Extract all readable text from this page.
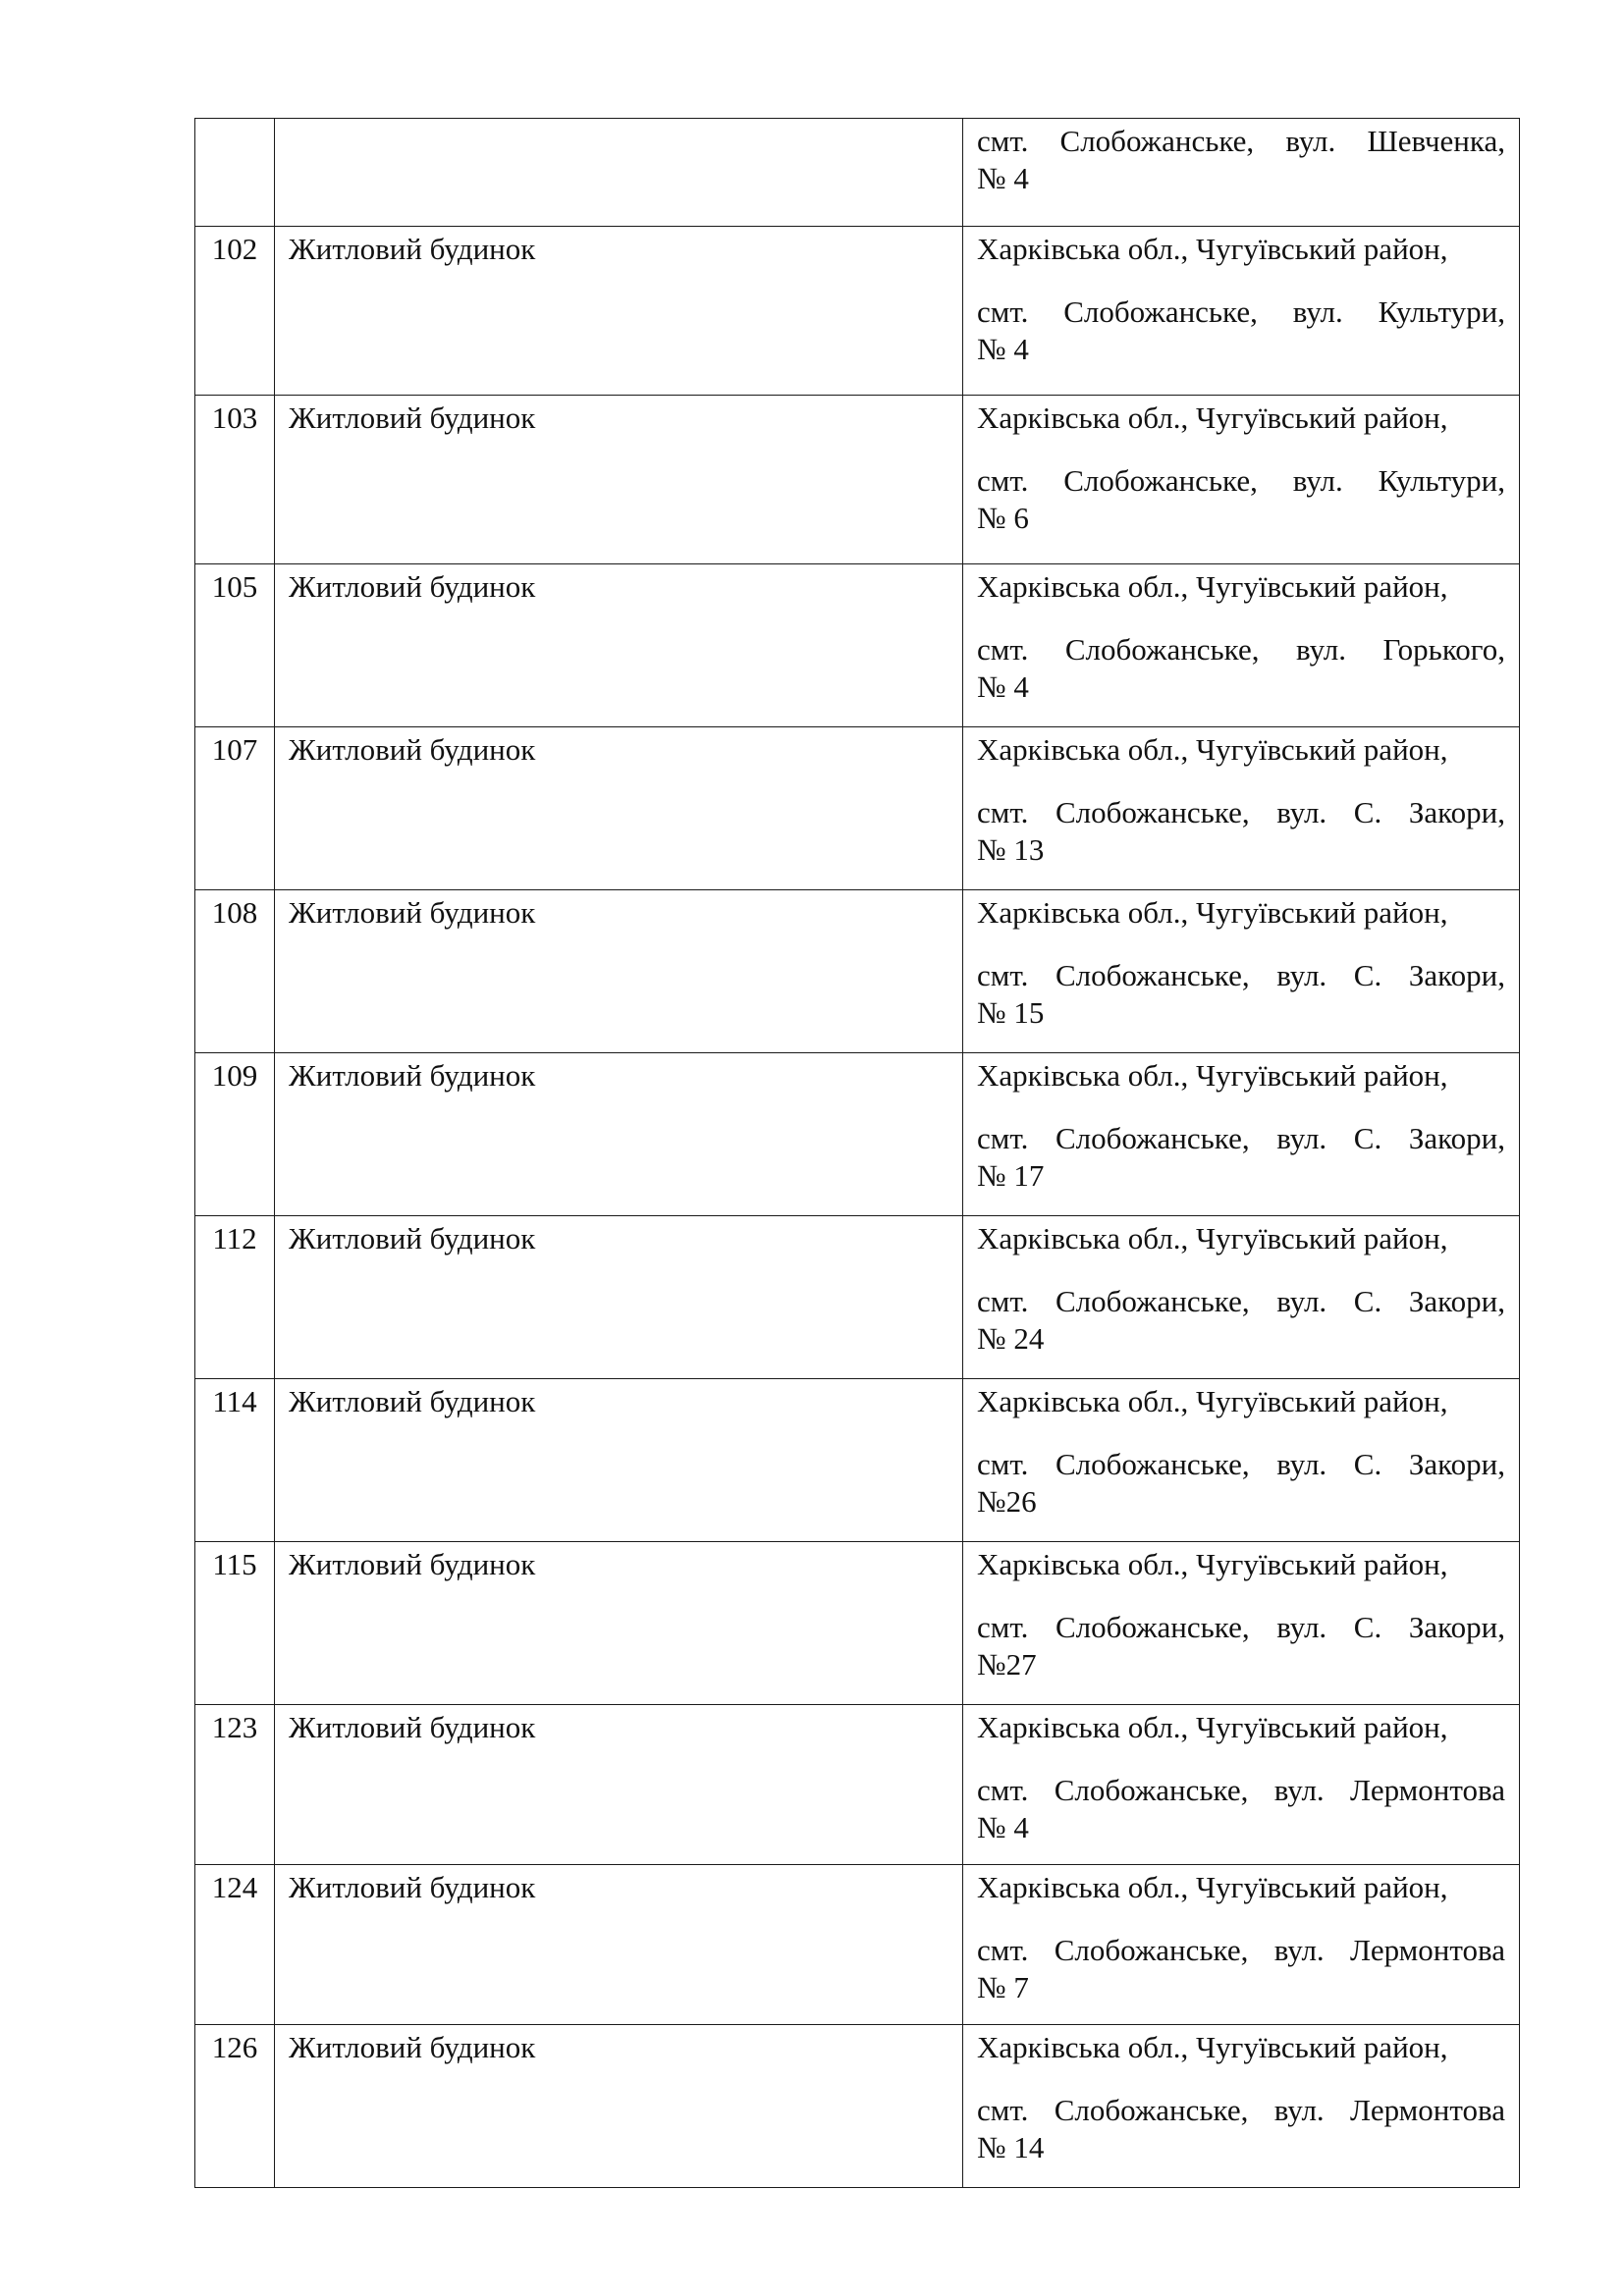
		смт. Слобожанське, вул. Шевченка,

№ 4

102	Житловий будинок	Харківська обл., Чугуївський район,

смт. Слобожанське, вул. Культури,

№ 4

103	Житловий будинок	Харківська обл., Чугуївський район,

смт. Слобожанське, вул. Культури,

№ 6

105	Житловий будинок	Харківська обл., Чугуївський район,

смт. Слобожанське, вул. Горького,

№ 4

107	Житловий будинок	Харківська обл., Чугуївський район,

смт. Слобожанське, вул. С. Закори,

№ 13

108	Житловий будинок	Харківська обл., Чугуївський район,

смт. Слобожанське, вул. С. Закори,

№ 15

109	Житловий будинок	Харківська обл., Чугуївський район,

смт. Слобожанське, вул. С. Закори,

№ 17

112	Житловий будинок	Харківська обл., Чугуївський район,

смт. Слобожанське, вул. С. Закори,

№ 24

114	Житловий будинок	Харківська обл., Чугуївський район,

смт. Слобожанське, вул. С. Закори,

№26

115	Житловий будинок	Харківська обл., Чугуївський район,

смт. Слобожанське, вул. С. Закори,

№27

123	Житловий будинок	Харківська обл., Чугуївський район,

смт. Слобожанське, вул. Лермонтова

№ 4

124	Житловий будинок	Харківська обл., Чугуївський район,

смт. Слобожанське, вул. Лермонтова

№ 7

126	Житловий будинок	Харківська обл., Чугуївський район,

смт. Слобожанське, вул. Лермонтова

№ 14
